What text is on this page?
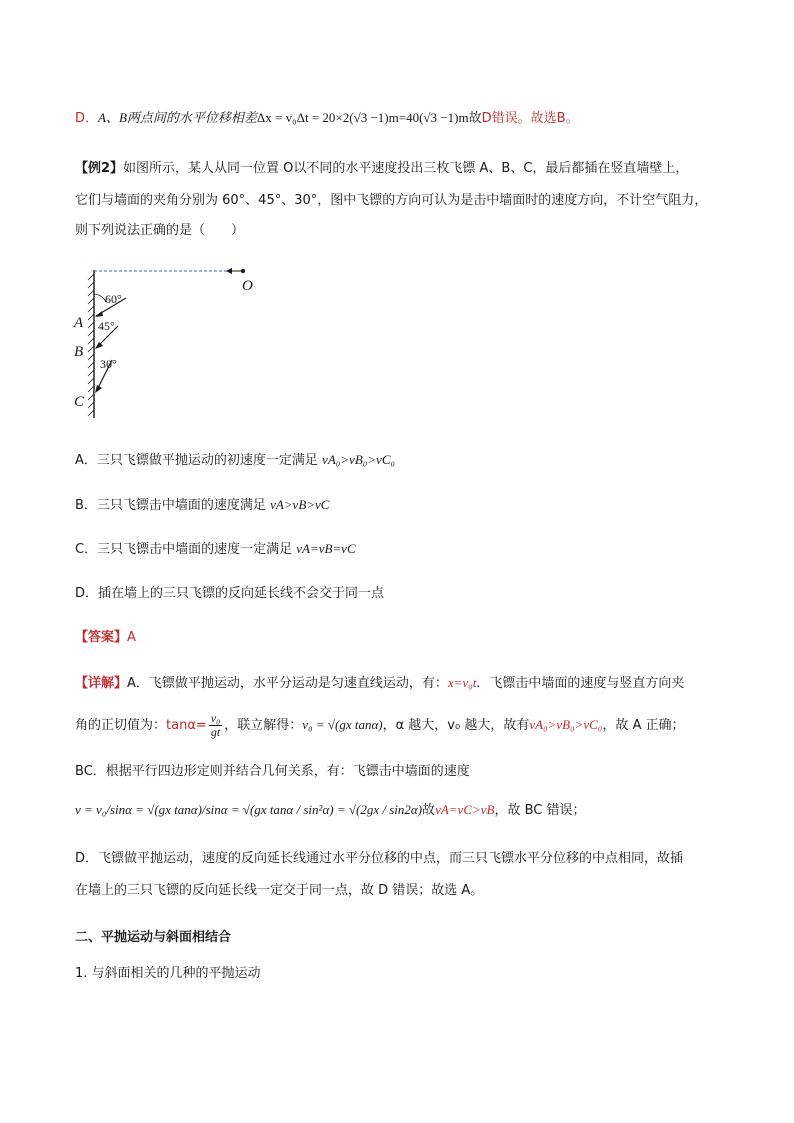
D．A、B两点间的水平位移相差Δx = v₀Δt = 20×2(√3 −1)m=40(√3 −1)m故D错误。故选B。
【例2】如图所示，某人从同一位置 O以不同的水平速度投出三枚飞镖 A、B、C，最后都插在竖直墙壁上，
它们与墙面的夹角分别为 60°、45°、30°，图中飞镖的方向可认为是击中墙面时的速度方向，不计空气阻力，
则下列说法正确的是（　　）
O
60°
A 45°
B
30°
C
A．三只飞镖做平抛运动的初速度一定满足 vA₀>vB₀>vC₀
B．三只飞镖击中墙面的速度满足 vA>vB>vC
C．三只飞镖击中墙面的速度一定满足 vA=vB=vC
D．插在墙上的三只飞镖的反向延长线不会交于同一点
【答案】A
【详解】A．飞镖做平抛运动，水平分运动是匀速直线运动，有：x=v₀t．飞镖击中墙面的速度与竖直方向夹
角的正切值为：$\tan\alpha= \frac{\text{v₀}}{gt}$ ，联立解得：v₀ = √(gx tanα)，α 越大，v₀ 越大，故有vA₀>vB₀>vC₀，故 A 正确；
BC．根据平行四边形定则并结合几何关系，有：飞镖击中墙面的速度
v = v₀/sinα = √(gx tanα)/sinα = √(gx tanα / sin²α) = √(2gx / sin2α)故vA=vC>vB，故 BC 错误；
D．飞镖做平抛运动，速度的反向延长线通过水平分位移的中点，而三只飞镖水平分位移的中点相同，故插
在墙上的三只飞镖的反向延长线一定交于同一点，故 D 错误；故选 A。
二、平抛运动与斜面相结合
1. 与斜面相关的几种的平抛运动
